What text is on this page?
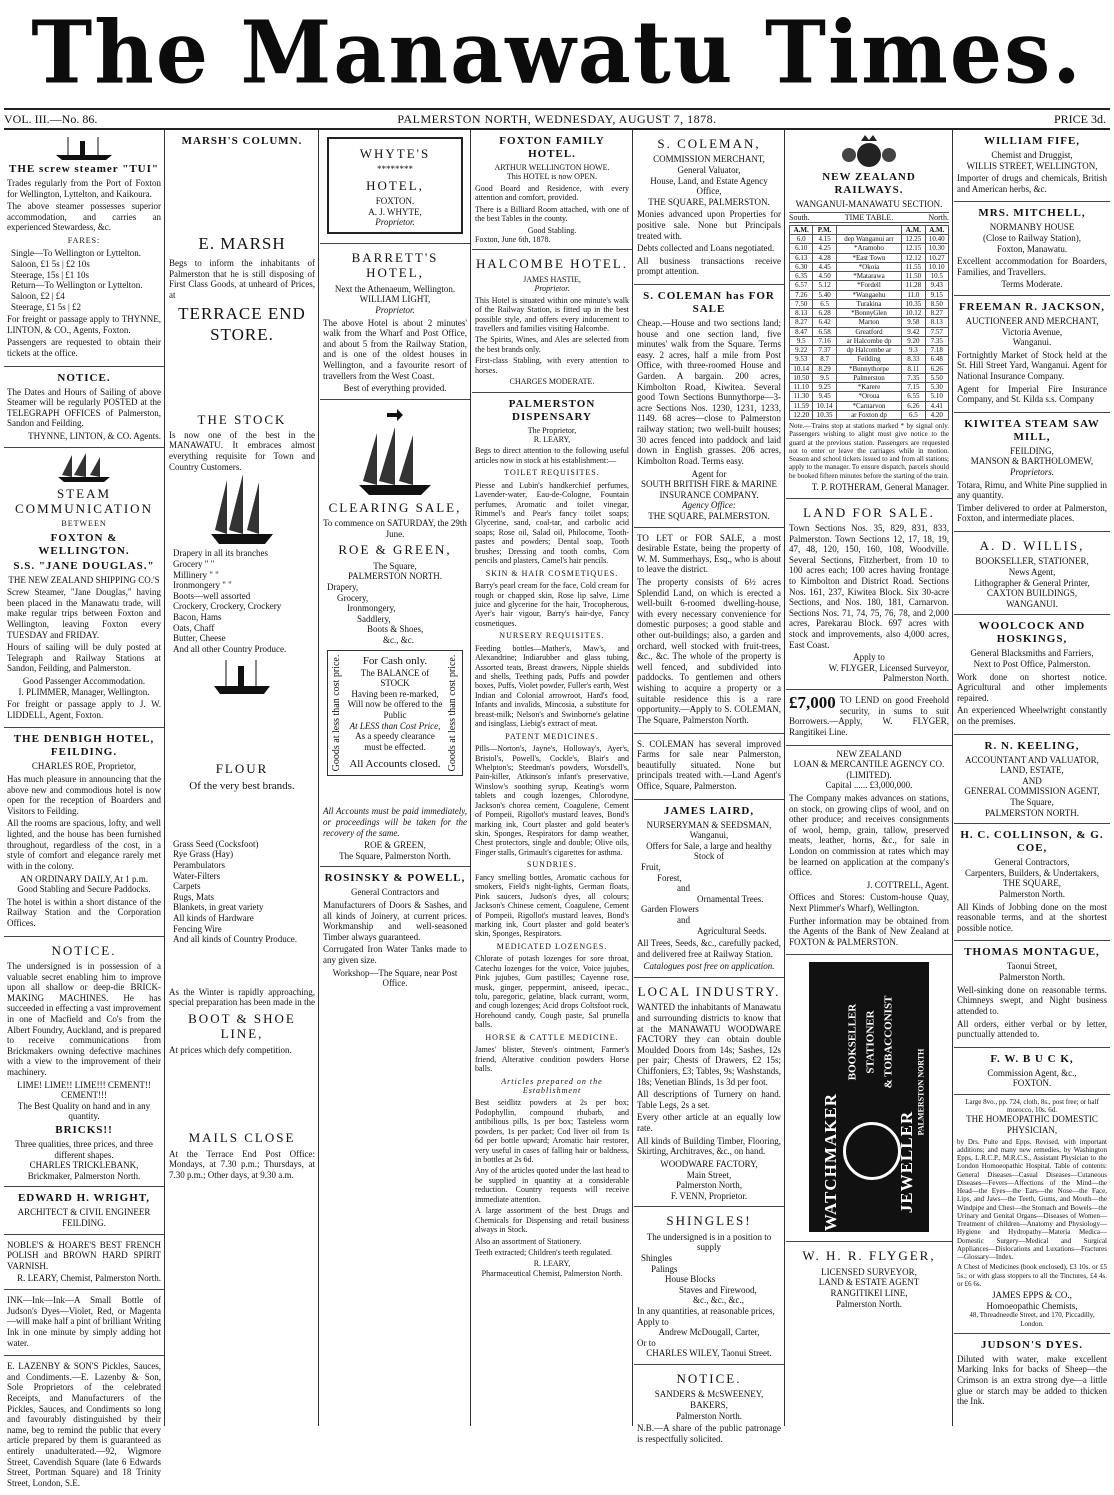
The Manawatu Times.
VOL. III.—No. 86.	PALMERSTON NORTH, WEDNESDAY, AUGUST 7, 1878.	PRICE 3d.
THE screw steamer "TUI"

Trades regularly from the Port of Foxton for Wellington, Lyttelton, and Kaikoura.

The above steamer possesses superior accommodation, and carries an experienced Stewardess, &c.

FARES:
Single—To Wellington or Lyttelton. Saloon, £1 5s | £2 10s
Steerage, 15s | £1 10s
Return—To Wellington or Lyttelton. Saloon, £2 | £4
Steerage, £1 5s | £2

For freight or passage apply to THYNNE, LINTON, & CO., Agents, Foxton.

Passengers are requested to obtain their tickets at the office.

NOTICE.

The Dates and Hours of Sailing of above Steamer will be regularly POSTED at the TELEGRAPH OFFICES of Palmerston, Sandon and Feilding.

THYNNE, LINTON, & CO. Agents.
STEAM COMMUNICATION
BETWEEN
FOXTON & WELLINGTON.
S.S. "JANE DOUGLAS."
THE NEW ZEALAND SHIPPING CO.'S

Screw Steamer, "Jane Douglas," having been placed in the Manawatu trade, will make regular trips between Foxton and Wellington, leaving Foxton every TUESDAY and FRIDAY.

Hours of sailing will be duly posted at Telegraph and Railway Stations at Sandon, Feilding, and Palmerston.

Good Passenger Accommodation.
I. PLIMMER, Manager, Wellington.

For freight or passage apply to J. W. LIDDELL, Agent, Foxton.

THE DENBIGH HOTEL, FEILDING.
CHARLES ROE, Proprietor,

Has much pleasure in announcing that the above new and commodious hotel is now open for the reception of Boarders and Visitors to Feilding.

All the rooms are spacious, lofty, and well lighted, and the house has been furnished throughout, regardless of the cost, in a style of comfort and elegance rarely met with in the colony.

AN ORDINARY DAILY, At 1 p.m.
Good Stabling and Secure Paddocks.

The hotel is within a short distance of the Railway Station and the Corporation Offices.

NOTICE.

The undersigned is in possession of a valuable secret enabling him to improve upon all shallow or deep-die BRICK-MAKING MACHINES. He has succeeded in effecting a vast improvement in one of Macfield and Co's from the Albert Foundry, Auckland, and is prepared to receive communications from Brickmakers owning defective machines with a view to the improvement of their machinery.

LIME! LIME!! LIME!!! CEMENT!! CEMENT!!!
The Best Quality on hand and in any quantity.
BRICKS!!
Three qualities, three prices, and three different shapes.
CHARLES TRICKLEBANK, Brickmaker, Palmerston North.
EDWARD H. WRIGHT,
ARCHITECT & CIVIL ENGINEER
FEILDING.

NOBLE'S & HOARE'S BEST FRENCH POLISH and BROWN HARD SPIRIT VARNISH.

R. LEARY, Chemist, Palmerston North.

INK—Ink—Ink—A Small Bottle of Judson's Dyes—Violet, Red, or Magenta—will make half a pint of brilliant Writing Ink in one minute by simply adding hot water.

E. LAZENBY & SON'S Pickles, Sauces, and Condiments.—E. Lazenby & Son, Sole Proprietors of the celebrated Receipts, and Manufacturers of the Pickles, Sauces, and Condiments so long and favourably distinguished by their name, beg to remind the public that every article prepared by them is guaranteed as entirely unadulterated.—92, Wigmore Street, Cavendish Square (late 6 Edwards Street, Portman Square) and 18 Trinity Street, London, S.E.

MARSH'S COLUMN.
E. MARSH

Begs to inform the inhabitants of Palmerston that he is still disposing of First Class Goods, at unheard of Prices, at

TERRACE END STORE.
THE STOCK

Is now one of the best in the MANAWATU. It embraces almost everything requisite for Town and Country Customers.

Drapery in all its branches
Grocery " "
Millinery " "
Ironmongery " "
Boots—well assorted
Crockery, Crockery, Crockery
Bacon, Hams
Oats, Chaff
Butter, Cheese
And all other Country Produce.
FLOUR
Of the very best brands.
Grass Seed (Cocksfoot)
Rye Grass (Hay)
Perambulators
Water-Filters
Carpets
Rugs, Mats
Blankets, in great variety
All kinds of Hardware
Fencing Wire
And all kinds of Country Produce.

As the Winter is rapidly approaching, special preparation has been made in the

BOOT & SHOE LINE,

At prices which defy competition.

MAILS CLOSE

At the Terrace End Post Office: Mondays, at 7.30 p.m.; Thursdays, at 7.30 p.m.; Other days, at 9.30 a.m.

WHYTE'S
********
HOTEL,
FOXTON.
A. J. WHYTE,
Proprietor.
BARRETT'S HOTEL,
Next the Athenaeum, Wellington.
WILLIAM LIGHT,
Proprietor.

The above Hotel is about 2 minutes' walk from the Wharf and Post Office, and about 5 from the Railway Station, and is one of the oldest houses in Wellington, and a favourite resort of travellers from the West Coast.

Best of everything provided.
CLEARING SALE,
To commence on SATURDAY, the 29th June.
ROE & GREEN,
The Square,
PALMERSTON NORTH.
Drapery,
Grocery,
Ironmongery,
Saddlery,
Boots & Shoes,
&c., &c.
Goods at less than cost price.	Goods at less than cost price.
For Cash only.
The BALANCE of STOCK
Having been re-marked,
Will now be offered to the
Public
At LESS than Cost Price,
As a speedy clearance must be effected.
All Accounts closed.

All Accounts must be paid immediately, or proceedings will be taken for the recovery of the same.

ROE & GREEN,
The Square, Palmerston North.
ROSINSKY & POWELL,
General Contractors and

Manufacturers of Doors & Sashes, and all kinds of Joinery, at current prices. Workmanship and well-seasoned Timber always guaranteed.

Corrugated Iron Water Tanks made to any given size.

Workshop—The Square, near Post Office.
FOXTON FAMILY HOTEL.
ARTHUR WELLINGTON HOWE.
This HOTEL is now OPEN.

Good Board and Residence, with every attention and comfort, provided.

There is a Billiard Room attached, with one of the best Tables in the county.

Good Stabling.
Foxton, June 6th, 1878.
HALCOMBE HOTEL.
JAMES HASTIE,
Proprietor.

This Hotel is situated within one minute's walk of the Railway Station, is fitted up in the best possible style, and offers every inducement to travellers and families visiting Halcombe.

The Spirits, Wines, and Ales are selected from the best brands only.

First-class Stabling, with every attention to horses.

CHARGES MODERATE.
PALMERSTON DISPENSARY
The Proprietor,
R. LEARY,

Begs to direct attention to the following useful articles now in stock at his establishment:—

TOILET REQUISITES.

Piesse and Lubin's handkerchief perfumes, Lavender-water, Eau-de-Cologne, Fountain perfumes, Aromatic and toilet vinegar, Rimmel's and Pear's fancy toilet soaps; Glycerine, sand, coal-tar, and carbolic acid soaps; Rose oil, Salad oil, Philocome, Tooth-pastes and powders; Dental soap, Tooth brushes; Dressing and tooth combs, Corn pencils and plasters, Camel's hair pencils.

SKIN & HAIR COSMETIQUES.

Barry's pearl cream for the face, Cold cream for rough or chapped skin, Rose lip salve, Lime juice and glycerine for the hair, Trocopherous, Ayer's hair vigour, Barry's hair-dye, Fancy cosmetiques.

NURSERY REQUISITES.

Feeding bottles—Mather's, Maw's, and Alexandrine; Indiarubber and glass tubing, Assorted teats, Breast drawers, Nipple shields and shells, Teething pads, Puffs and powder boxes, Puffs, Violet powder, Fuller's earth, West Indian and Colonial arrowroot, Hard's food, Infants and invalids, Mincosia, a substitute for breast-milk; Nelson's and Swinborne's gelatine and isinglass, Liebig's extract of meat.

PATENT MEDICINES.

Pills—Norton's, Jayne's, Holloway's, Ayer's, Bristol's, Powell's, Cockle's, Blair's and Whelpton's; Steedman's powders, Worsdell's, Pain-killer, Atkinson's infant's preservative, Winslow's soothing syrup, Keating's worm tablets and cough lozenges, Chlorodyne, Jackson's chorea cement, Coagulene, Cement of Pompeii, Rigollot's mustard leaves, Bond's marking ink, Court plaster and gold beater's skin, Sponges, Respirators for damp weather, Chest protectors, single and double; Olive oils, Finger stalls, Grimault's cigarettes for asthma.

SUNDRIES.

Fancy smelling bottles, Aromatic cachous for smokers, Field's night-lights, German floats, Pink saucers, Judson's dyes, all colours; Jackson's Chinese cement, Coagulene, Cement of Pompeii, Rigollot's mustard leaves, Bond's marking ink, Court plaster and gold beater's skin, Sponges, Respirators.

MEDICATED LOZENGES.

Chlorate of potash lozenges for sore throat, Catechu lozenges for the voice, Voice jujubes, Pink jujubes, Gum pastilles; Cayenne rose, musk, ginger, peppermint, aniseed, ipecac., tolu, paregoric, gelatine, black currant, worm, and cough lozenges; Acid drops Coltsfoot rock, Horehound candy, Cough paste, Sal prunella balls.

HORSE & CATTLE MEDICINE.

James' blister, Steven's ointment, Farmer's friend, Alterative condition powders Horse balls.

Articles prepared on the Establishment

Best seidlitz powders at 2s per box; Podophyllin, compound rhubarb, and antibilious pills, 1s per box; Tasteless worm powders, 1s per packet; Cod liver oil from 1s 6d per bottle upward; Aromatic hair restorer, very useful in cases of falling hair or baldness, in bottles at 2s 6d.

Any of the articles quoted under the last head to be supplied in quantity at a considerable reduction. Country requests will receive immediate attention.

A large assortment of the best Drugs and Chemicals for Dispensing and retail business always in Stock.

Also an assortment of Stationery.

Teeth extracted; Children's teeth regulated.

R. LEARY,
Pharmaceutical Chemist, Palmerston North.
S. COLEMAN,
COMMISSION MERCHANT,
General Valuator,
House, Land, and Estate Agency Office,
THE SQUARE, PALMERSTON.

Monies advanced upon Properties for positive sale. None but Principals treated with.

Debts collected and Loans negotiated.

All business transactions receive prompt attention.

S. COLEMAN has FOR SALE

Cheap.—House and two sections land; house and one section land, five minutes' walk from the Square. Terms easy. 2 acres, half a mile from Post Office, with three-roomed House and Garden. A bargain. 200 acres, Kimbolton Road, Kiwitea. Several good Town Sections Bunnythorpe—3-acre Sections Nos. 1230, 1231, 1233, 1149. 68 acres—close to Palmerston railway station; two well-built houses; 30 acres fenced into paddock and laid down in English grasses. 206 acres, Kimbolton Road. Terms easy.

Agent for
SOUTH BRITISH FIRE & MARINE INSURANCE COMPANY.
Agency Office:
THE SQUARE, PALMERSTON.

TO LET or FOR SALE, a most desirable Estate, being the property of W. M. Summerhays, Esq., who is about to leave the district.

The property consists of 6½ acres Splendid Land, on which is erected a well-built 6-roomed dwelling-house, with every necessary convenience for domestic purposes; a good stable and other out-buildings; also, a garden and orchard, well stocked with fruit-trees, &c., &c. The whole of the property is well fenced, and subdivided into paddocks. To gentlemen and others wishing to acquire a property or a suitable residence this is a rare opportunity.—Apply to S. COLEMAN, The Square, Palmerston North.

S. COLEMAN has several improved Farms for sale near Palmerston, beautifully situated. None but principals treated with.—Land Agent's Office, Square, Palmerston.

JAMES LAIRD,
NURSERYMAN & SEEDSMAN,
Wanganui,
Offers for Sale, a large and healthy Stock of
Fruit,
Forest,
and
Ornamental Trees.
Garden Flowers
and
Agricultural Seeds.

All Trees, Seeds, &c., carefully packed, and delivered free at Railway Station.

Catalogues post free on application.
LOCAL INDUSTRY.

WANTED the inhabitants of Manawatu and surrounding districts to know that at the MANAWATU WOODWARE FACTORY they can obtain double Moulded Doors from 14s; Sashes, 12s per pair; Chests of Drawers, £2 15s; Chiffoniers, £3; Tables, 9s; Washstands, 18s; Venetian Blinds, 1s 3d per foot.

All descriptions of Turnery on hand. Table Legs, 2s a set.

Every other article at an equally low rate.

All kinds of Building Timber, Flooring, Skirting, Architraves, &c., on hand.

WOODWARE FACTORY,
Main Street,
Palmerston North,
F. VENN, Proprietor.
SHINGLES!
The undersigned is in a position to supply
Shingles
Palings
House Blocks
Staves and Firewood,
&c., &c., &c.,
In any quantities, at reasonable prices,
Apply to
Andrew McDougall, Carter,
Or to
CHARLES WILEY, Taonui Street.
NOTICE.
SANDERS & McSWEENEY,
BAKERS,
Palmerston North.

N.B.—A share of the public patronage is respectfully solicited.

NEW ZEALAND RAILWAYS.
WANGANUI-MANAWATU SECTION.
South.	TIME TABLE.	North.
A.M.	P.M.		A.M.	A.M.
6.0	4.15	dep Wanganui arr	12.25	10.40
6.10	4.25	*Aramoho	12.15	10.30
6.13	4.28	*East Town	12.12	10.27
6.30	4.45	*Okoia	11.55	10.10
6.35	4.50	*Matarawa	11.50	10.5
6.57	5.12	*Fordell	11.28	9.43
7.26	5.40	*Wangaehu	11.0	9.15
7.50	6.5	Turakina	10.35	8.50
8.13	6.28	*BonnyGlen	10.12	8.27
8.27	6.42	Marton	9.58	8.13
8.47	6.58	Greatford	9.42	7.57
9.5	7.16	ar Halcombe dp	9.20	7.35
9.22	7.37	dp Halcombe ar	9.3	7.18
9.53	8.7	Feilding	8.33	6.48
10.14	8.29	*Bunnythorpe	8.11	6.26
10.50	9.5	Palmerston	7.35	5.50
11.10	9.25	*Karere	7.15	5.30
11.30	9.45	*Oroua	6.55	5.10
11.59	10.14	*Carnarvon	6.26	4.41
12.20	10.35	ar Foxton dp	6.5	4.20

Note.—Trains stop at stations marked * by signal only. Passengers wishing to alight must give notice to the guard at the previous station. Passengers are requested not to enter or leave the carriages while in motion. Season and school tickets issued to and from all stations; apply to the manager. To ensure dispatch, parcels should be booked fifteen minutes before the starting of the train.

T. P. ROTHERAM, General Manager.
LAND FOR SALE.

Town Sections Nos. 35, 829, 831, 833, Palmerston. Town Sections 12, 17, 18, 19, 47, 48, 120, 150, 160, 108, Woodville. Several Sections, Fitzherbert, from 10 to 100 acres each; 100 acres having frontage to Kimbolton and District Road. Sections Nos. 161, 237, Kiwitea Block. Six 30-acre Sections, and Nos. 180, 181, Carnarvon. Sections Nos. 71, 74, 75, 76, 78, and 2,000 acres, Parekarau Block. 697 acres with stock and improvements, also 4,000 acres, East Coast.

Apply to
W. FLYGER, Licensed Surveyor, Palmerston North.
£7,000 TO LEND on good Freehold security, in sums to suit Borrowers.—Apply, W. FLYGER, Rangitikei Line.

NEW ZEALAND
LOAN & MERCANTILE AGENCY CO. (LIMITED).
Capital ...... £3,000,000.

The Company makes advances on stations, on stock, on growing clips of wool, and on other produce; and receives consignments of wool, hemp, grain, tallow, preserved meats, leather, horns, &c., for sale in London on commission at rates which may be learned on application at the company's office.

J. COTTRELL, Agent.

Offices and Stores: Custom-house Quay, Next Plimmer's Wharf), Wellington.

Further information may be obtained from the Agents of the Bank of New Zealand at FOXTON & PALMERSTON.

WATCHMAKER	JEWELLER
BOOKSELLER STATIONER & TOBACCONIST
PALMERSTON NORTH
W. H. R. FLYGER,
LICENSED SURVEYOR,
LAND & ESTATE AGENT
RANGITIKEI LINE,
Palmerston North.
WILLIAM FIFE,
Chemist and Druggist,
WILLIS STREET, WELLINGTON,

Importer of drugs and chemicals, British and American herbs, &c.

MRS. MITCHELL,
NORMANBY HOUSE
(Close to Railway Station),
Foxton, Manawatu.

Excellent accommodation for Boarders, Families, and Travellers.

Terms Moderate.
FREEMAN R. JACKSON,
AUCTIONEER AND MERCHANT,
Victoria Avenue,
Wanganui.

Fortnightly Market of Stock held at the St. Hill Street Yard, Wanganui. Agent for National Insurance Company.

Agent for Imperial Fire Insurance Company, and St. Kilda s.s. Company

KIWITEA STEAM SAW MILL,
FEILDING,
MANSON & BARTHOLOMEW,
Proprietors.

Totara, Rimu, and White Pine supplied in any quantity.

Timber delivered to order at Palmerston, Foxton, and intermediate places.

A. D. WILLIS,
BOOKSELLER, STATIONER,
News Agent,
Lithographer & General Printer,
CAXTON BUILDINGS,
WANGANUI.
WOOLCOCK AND HOSKINGS,
General Blacksmiths and Farriers,
Next to Post Office, Palmerston.

Work done on shortest notice. Agricultural and other implements repaired.

An experienced Wheelwright constantly on the premises.

R. N. KEELING,
ACCOUNTANT AND VALUATOR,
LAND, ESTATE,
AND
GENERAL COMMISSION AGENT,
The Square,
PALMERSTON NORTH.
H. C. COLLINSON, & G. COE,
General Contractors,
Carpenters, Builders, & Undertakers,
THE SQUARE,
Palmerston North.

All Kinds of Jobbing done on the most reasonable terms, and at the shortest possible notice.

THOMAS MONTAGUE,
Taonui Street,
Palmerston North.

Well-sinking done on reasonable terms. Chimneys swept, and Night business attended to.

All orders, either verbal or by letter, punctually attended to.

F. W. B U C K,
Commission Agent, &c.,
FOXTON.
Large 8vo., pp. 724, cloth, 8s., post free; or half morocco, 10s. 6d.
THE HOMEOPATHIC DOMESTIC PHYSICIAN,

by Drs. Pulte and Epps. Revised, with important additions; and many new remedies, by Washington Epps, L.R.C.P., M.R.C.S., Assistant Physician to the London Homoeopathic Hospital. Table of contents: General Diseases—Casual Diseases—Cutaneous Diseases—Fevers—Affections of the Mind—the Head—the Eyes—the Ears—the Nose—the Face, Lips, and Jaws—the Teeth, Gums, and Mouth—the Windpipe and Chest—the Stomach and Bowels—the Urinary and Genital Organs—Diseases of Women—Treatment of children—Anatomy and Physiology—Hygiene and Hydropathy—Materia Medica—Domestic Surgery—Medical and Surgical Appliances—Dislocations and Luxations—Fractures—Glossary—Index.

A Chest of Medicines (book enclosed), £3 10s. or £5 5s.; or with glass stoppers to all the Tinctures, £4 4s. or £6 6s.

JAMES EPPS & CO.,
Homoeopathic Chemists,
48, Threadneedle Street, and 170, Piccadilly, London.
JUDSON'S DYES.

Diluted with water, make excellent Marking Inks for backs of Sheep—the Crimson is an extra strong dye—a little glue or starch may be added to thicken the Ink.
